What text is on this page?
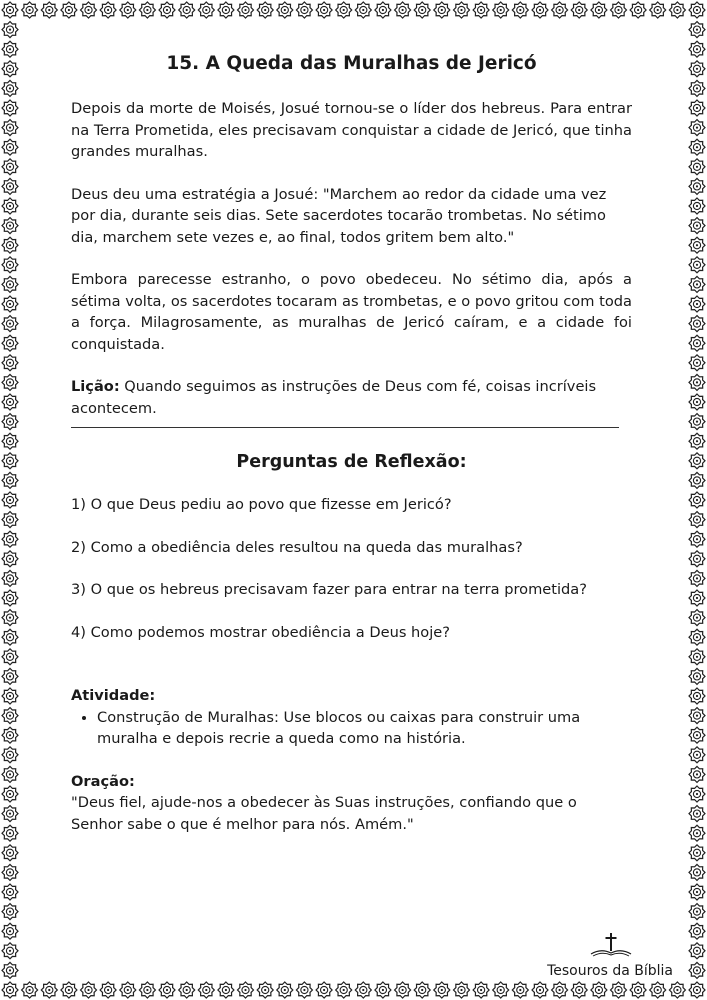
15. A Queda das Muralhas de Jericó

Depois da morte de Moisés, Josué tornou-se o líder dos hebreus. Para entrar na Terra Prometida, eles precisavam conquistar a cidade de Jericó, que tinha grandes muralhas.

Deus deu uma estratégia a Josué: "Marchem ao redor da cidade uma vez por dia, durante seis dias. Sete sacerdotes tocarão trombetas. No sétimo dia, marchem sete vezes e, ao final, todos gritem bem alto."

Embora parecesse estranho, o povo obedeceu. No sétimo dia, após a sétima volta, os sacerdotes tocaram as trombetas, e o povo gritou com toda a força. Milagrosamente, as muralhas de Jericó caíram, e a cidade foi conquistada.

Lição: Quando seguimos as instruções de Deus com fé, coisas incríveis acontecem.

Perguntas de Reflexão:

1) O que Deus pediu ao povo que fizesse em Jericó?

2) Como a obediência deles resultou na queda das muralhas?

3) O que os hebreus precisavam fazer para entrar na terra prometida?

4) Como podemos mostrar obediência a Deus hoje?

Atividade:

• Construção de Muralhas: Use blocos ou caixas para construir uma muralha e depois recrie a queda como na história.

Oração:

"Deus fiel, ajude-nos a obedecer às Suas instruções, confiando que o Senhor sabe o que é melhor para nós. Amém."

Tesouros da Bíblia
